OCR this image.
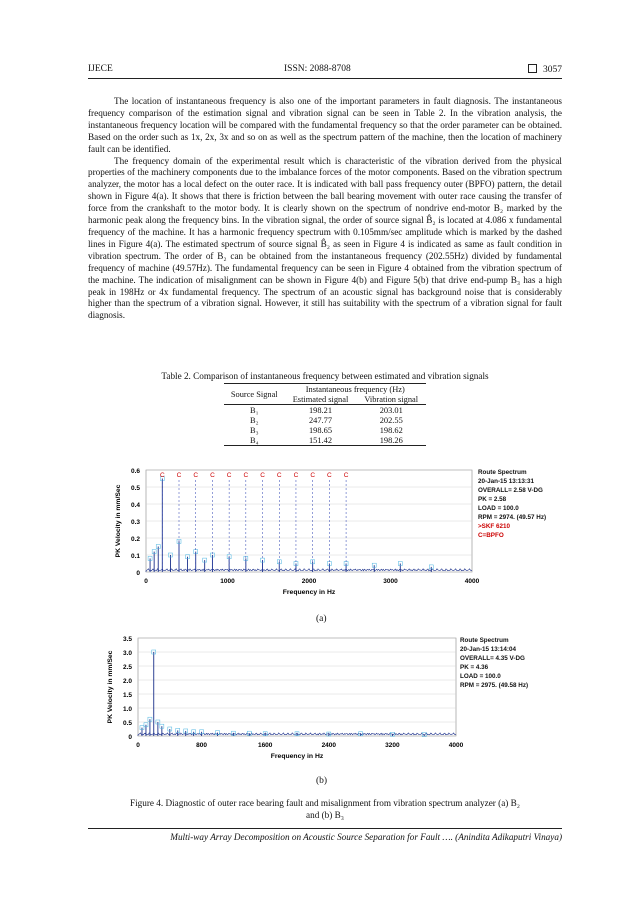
IJECE	ISSN: 2088-8708	3057

The location of instantaneous frequency is also one of the important parameters in fault diagnosis. The instantaneous frequency comparison of the estimation signal and vibration signal can be seen in Table 2. In the vibration analysis, the instantaneous frequency location will be compared with the fundamental frequency so that the order parameter can be obtained. Based on the order such as 1x, 2x, 3x and so on as well as the spectrum pattern of the machine, then the location of machinery fault can be identified.

The frequency domain of the experimental result which is characteristic of the vibration derived from the physical properties of the machinery components due to the imbalance forces of the motor components. Based on the vibration spectrum analyzer, the motor has a local defect on the outer race. It is indicated with ball pass frequency outer (BPFO) pattern, the detail shown in Figure 4(a). It shows that there is friction between the ball bearing movement with outer race causing the transfer of force from the crankshaft to the motor body. It is clearly shown on the spectrum of nondrive end-motor B₂ marked by the harmonic peak along the frequency bins. In the vibration signal, the order of source signal B̂₂ is located at 4.086 x fundamental frequency of the machine. It has a harmonic frequency spectrum with 0.105mm/sec amplitude which is marked by the dashed lines in Figure 4(a). The estimated spectrum of source signal B̂₂ as seen in Figure 4 is indicated as same as fault condition in vibration spectrum. The order of B₂ can be obtained from the instantaneous frequency (202.55Hz) divided by fundamental frequency of machine (49.57Hz). The fundamental frequency can be seen in Figure 4 obtained from the vibration spectrum of the machine. The indication of misalignment can be shown in Figure 4(b) and Figure 5(b) that drive end-pump B₃ has a high peak in 198Hz or 4x fundamental frequency. The spectrum of an acoustic signal has background noise that is considerably higher than the spectrum of a vibration signal. However, it still has suitability with the spectrum of a vibration signal for fault diagnosis.

Table 2. Comparison of instantaneous frequency between estimated and vibration signals
Source Signal	Instantaneous frequency (Hz)	
	Estimated signal	Vibration signal
B₁	198.21	203.01
B₂	247.77	202.55
B₃	198.65	198.62
B₄	151.42	198.26
0
0.1
0.2
0.3
0.4
0.5
0.6
0	1000	2000	3000	4000
Frequency in Hz
PK Velocity in mm/Sec
C C C C C C C C C C C C	Route Spectrum
20-Jan-15 13:13:31
OVERALL= 2.58 V-DG
PK = 2.58
LOAD = 100.0
RPM = 2974. (49.57 Hz)
>SKF 6210
C=BPFO
(a)
0
0.5
1.0
1.5
2.0
2.5
3.0
3.5
0	800	1600	2400	3200	4000
Frequency in Hz
PK Velocity in mm/Sec
Route Spectrum
20-Jan-15 13:14:04
OVERALL= 4.35 V-DG
PK = 4.36
LOAD = 100.0
RPM = 2975. (49.58 Hz)
(b)
Figure 4. Diagnostic of outer race bearing fault and misalignment from vibration spectrum analyzer (a) B₂
and (b) B₃
Multi-way Array Decomposition on Acoustic Source Separation for Fault …. (Anindita Adikaputri Vinaya)
